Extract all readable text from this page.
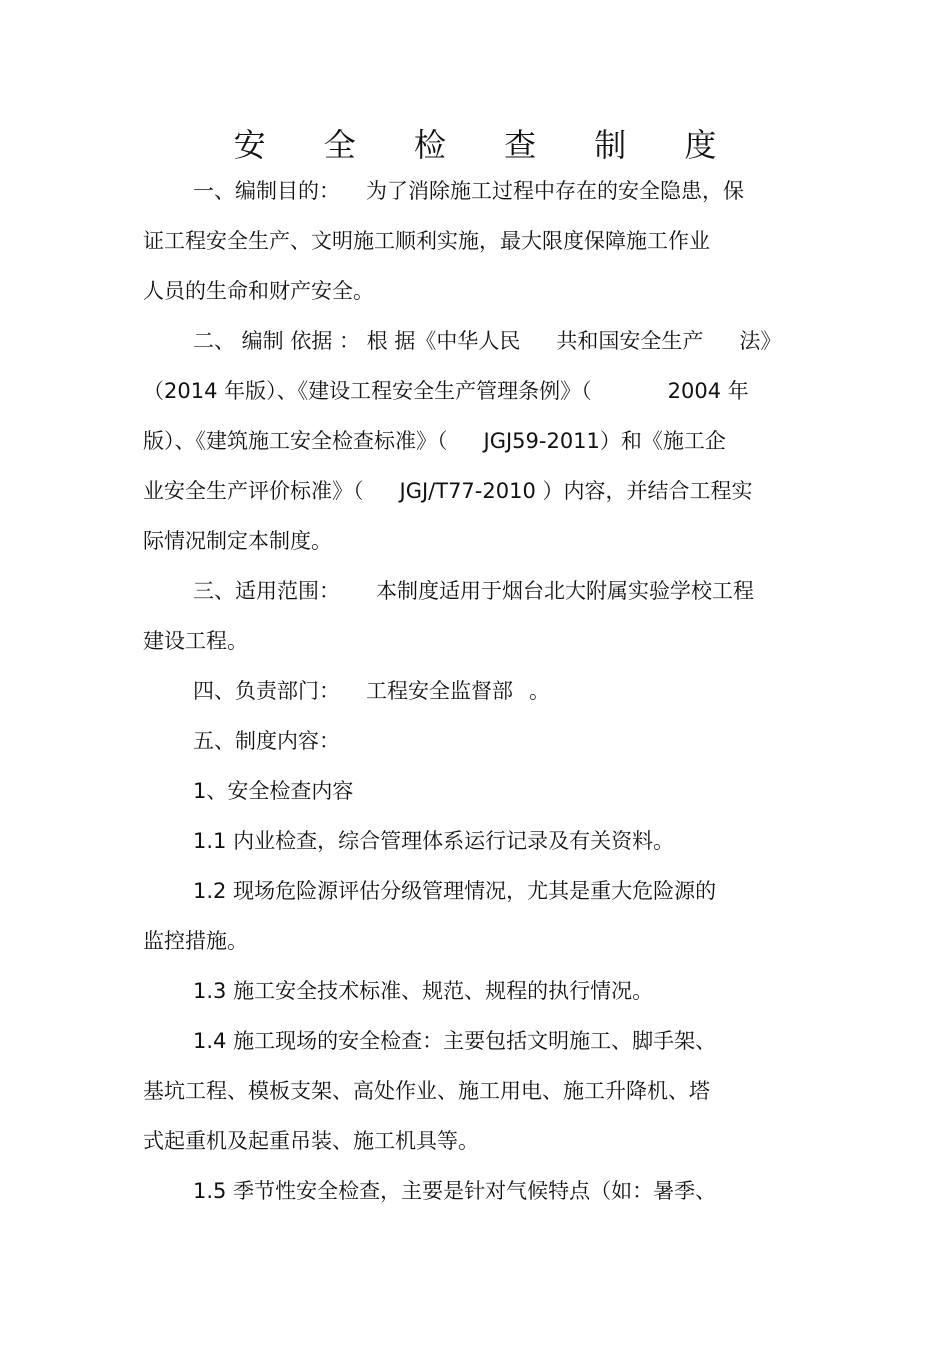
安 全 检 查 制 度
一、编制目的： 为了消除施工过程中存在的安全隐患，保
证工程安全生产、文明施工顺利实施，最大限度保障施工作业
人员的生命和财产安全。
二、 编制 依据 ： 根 据《中华人民 共和国安全生产 法》
（2014 年版）、《建设工程安全生产管理条例》（	2004 年
版）、《建筑施工安全检查标准》（ JGJ59-2011）和《施工企
业安全生产评价标准》（ JGJ/T77-2010 ）内容，并结合工程实
际情况制定本制度。
三、适用范围： 本制度适用于烟台北大附属实验学校工程
建设工程。
四、负责部门： 工程安全监督部 。
五、制度内容：
1、安全检查内容
1.1 内业检查，综合管理体系运行记录及有关资料。
1.2 现场危险源评估分级管理情况，尤其是重大危险源的
监控措施。
1.3 施工安全技术标准、规范、规程的执行情况。
1.4 施工现场的安全检查：主要包括文明施工、脚手架、
基坑工程、模板支架、高处作业、施工用电、施工升降机、塔
式起重机及起重吊装、施工机具等。
1.5 季节性安全检查，主要是针对气候特点（如：暑季、
